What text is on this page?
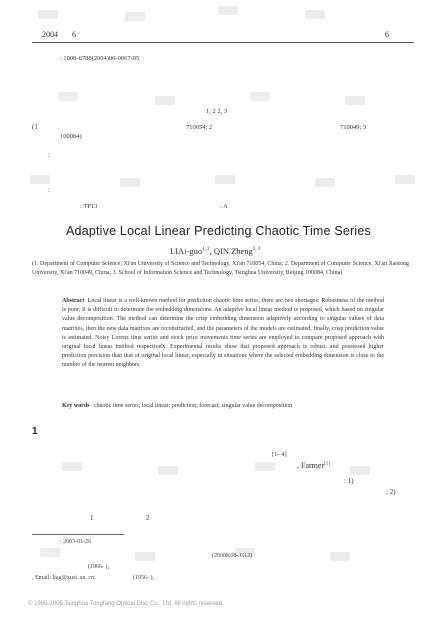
2004 6	6
: 1000-6788(2004)06-0067-05
1, 2 2, 3
(1	710054; 2	710049; 3
100084)
:
:
: TP13	: A
Adaptive Local Linear Predicting Chaotic Time Series
LIAi-guo$^{1, 2}$, QIN Zheng$^{2, 3}$
(1. Department of Computer Science, Xi'an University of Science and Technology, Xi'an 710054, China; 2. Department of Computer Science, Xi'an Jiaotong University, Xi'an 710049, China; 3. School of Information Science and Technology, Tsinghua University, Beijing 100084, China)
Abstract Local linear is a well-known method for prediction chaotic time series, there are two shortages: Robustness of the method is poor; it is difficult to determine the embedding dimensions. An adaptive local linear method is proposed, which based on singular value decomposition. The method can determine the crisp embedding dimension adaptively according to singular values of data matrixes, then the new data matrixes are reconstructed, and the parameters of the models are estimated, finally, crisp prediction value is estimated. Noisy Lorenz time series and stock price movements time series are employed to compare proposed approach with original local linear method respectively. Experimental results show that proposed approach is robust, and possessed higher prediction precision than that of original local linear, especially in situations where the selected embedding dimension is close to the number of the nearest neighbors.
Key words chaotic time series; local linear; prediction; forecast; singular value decomposition
1
[1- 4]
, Farmer[1]
: 1)
; 2)
1	2
: 2003-01-26
(2000K08- G12)
(1966- ),
, Email: liag@xust. sn. cn;	(1956- ),
© 1995-2005 Tsinghua Tongfang Optical Disc Co., Ltd. All rights reserved.
